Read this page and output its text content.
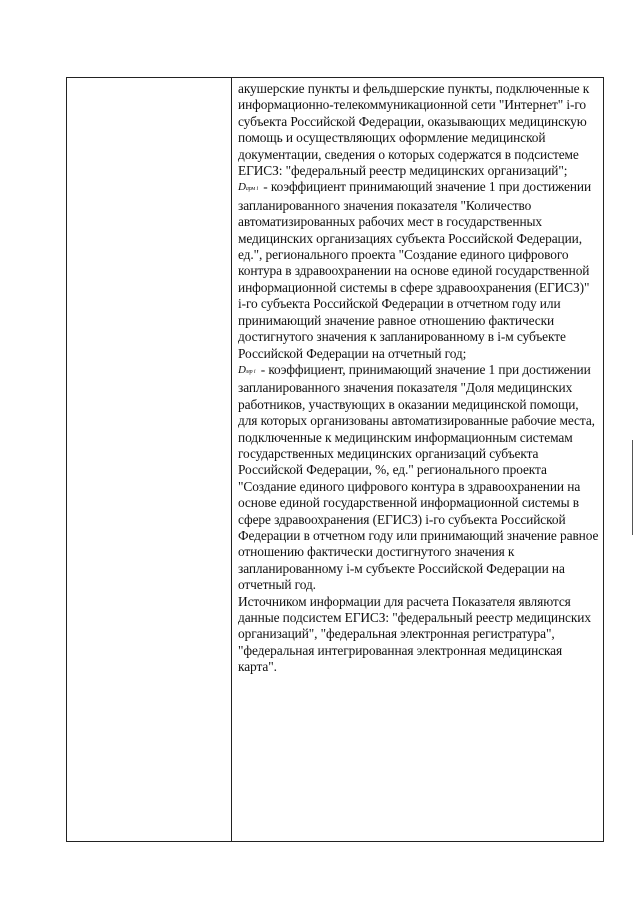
акушерские пункты и фельдшерские пункты, подключенные к информационно-телекоммуникационной сети "Интернет" i-го субъекта Российской Федерации, оказывающих медицинскую помощь и осуществляющих оформление медицинской документации, сведения о которых содержатся в подсистеме ЕГИСЗ: "федеральный реестр медицинских организаций";

Dарм i - коэффициент принимающий значение 1 при достижении запланированного значения показателя "Количество автоматизированных рабочих мест в государственных медицинских организациях субъекта Российской Федерации, ед.", регионального проекта "Создание единого цифрового контура в здравоохранении на основе единой государственной информационной системы в сфере здравоохранения (ЕГИСЗ)" i-го субъекта Российской Федерации в отчетном году или принимающий значение равное отношению фактически достигнутого значения к запланированному в i-м субъекте Российской Федерации на отчетный год;

Dмр i - коэффициент, принимающий значение 1 при достижении запланированного значения показателя "Доля медицинских работников, участвующих в оказании медицинской помощи, для которых организованы автоматизированные рабочие места, подключенные к медицинским информационным системам государственных медицинских организаций субъекта Российской Федерации, %, ед." регионального проекта "Создание единого цифрового контура в здравоохранении на основе единой государственной информационной системы в сфере здравоохранения (ЕГИСЗ) i-го субъекта Российской Федерации в отчетном году или принимающий значение равное отношению фактически достигнутого значения к запланированному i-м субъекте Российской Федерации на отчетный год.

Источником информации для расчета Показателя являются данные подсистем ЕГИСЗ: "федеральный реестр медицинских организаций", "федеральная электронная регистратура", "федеральная интегрированная электронная медицинская карта".
